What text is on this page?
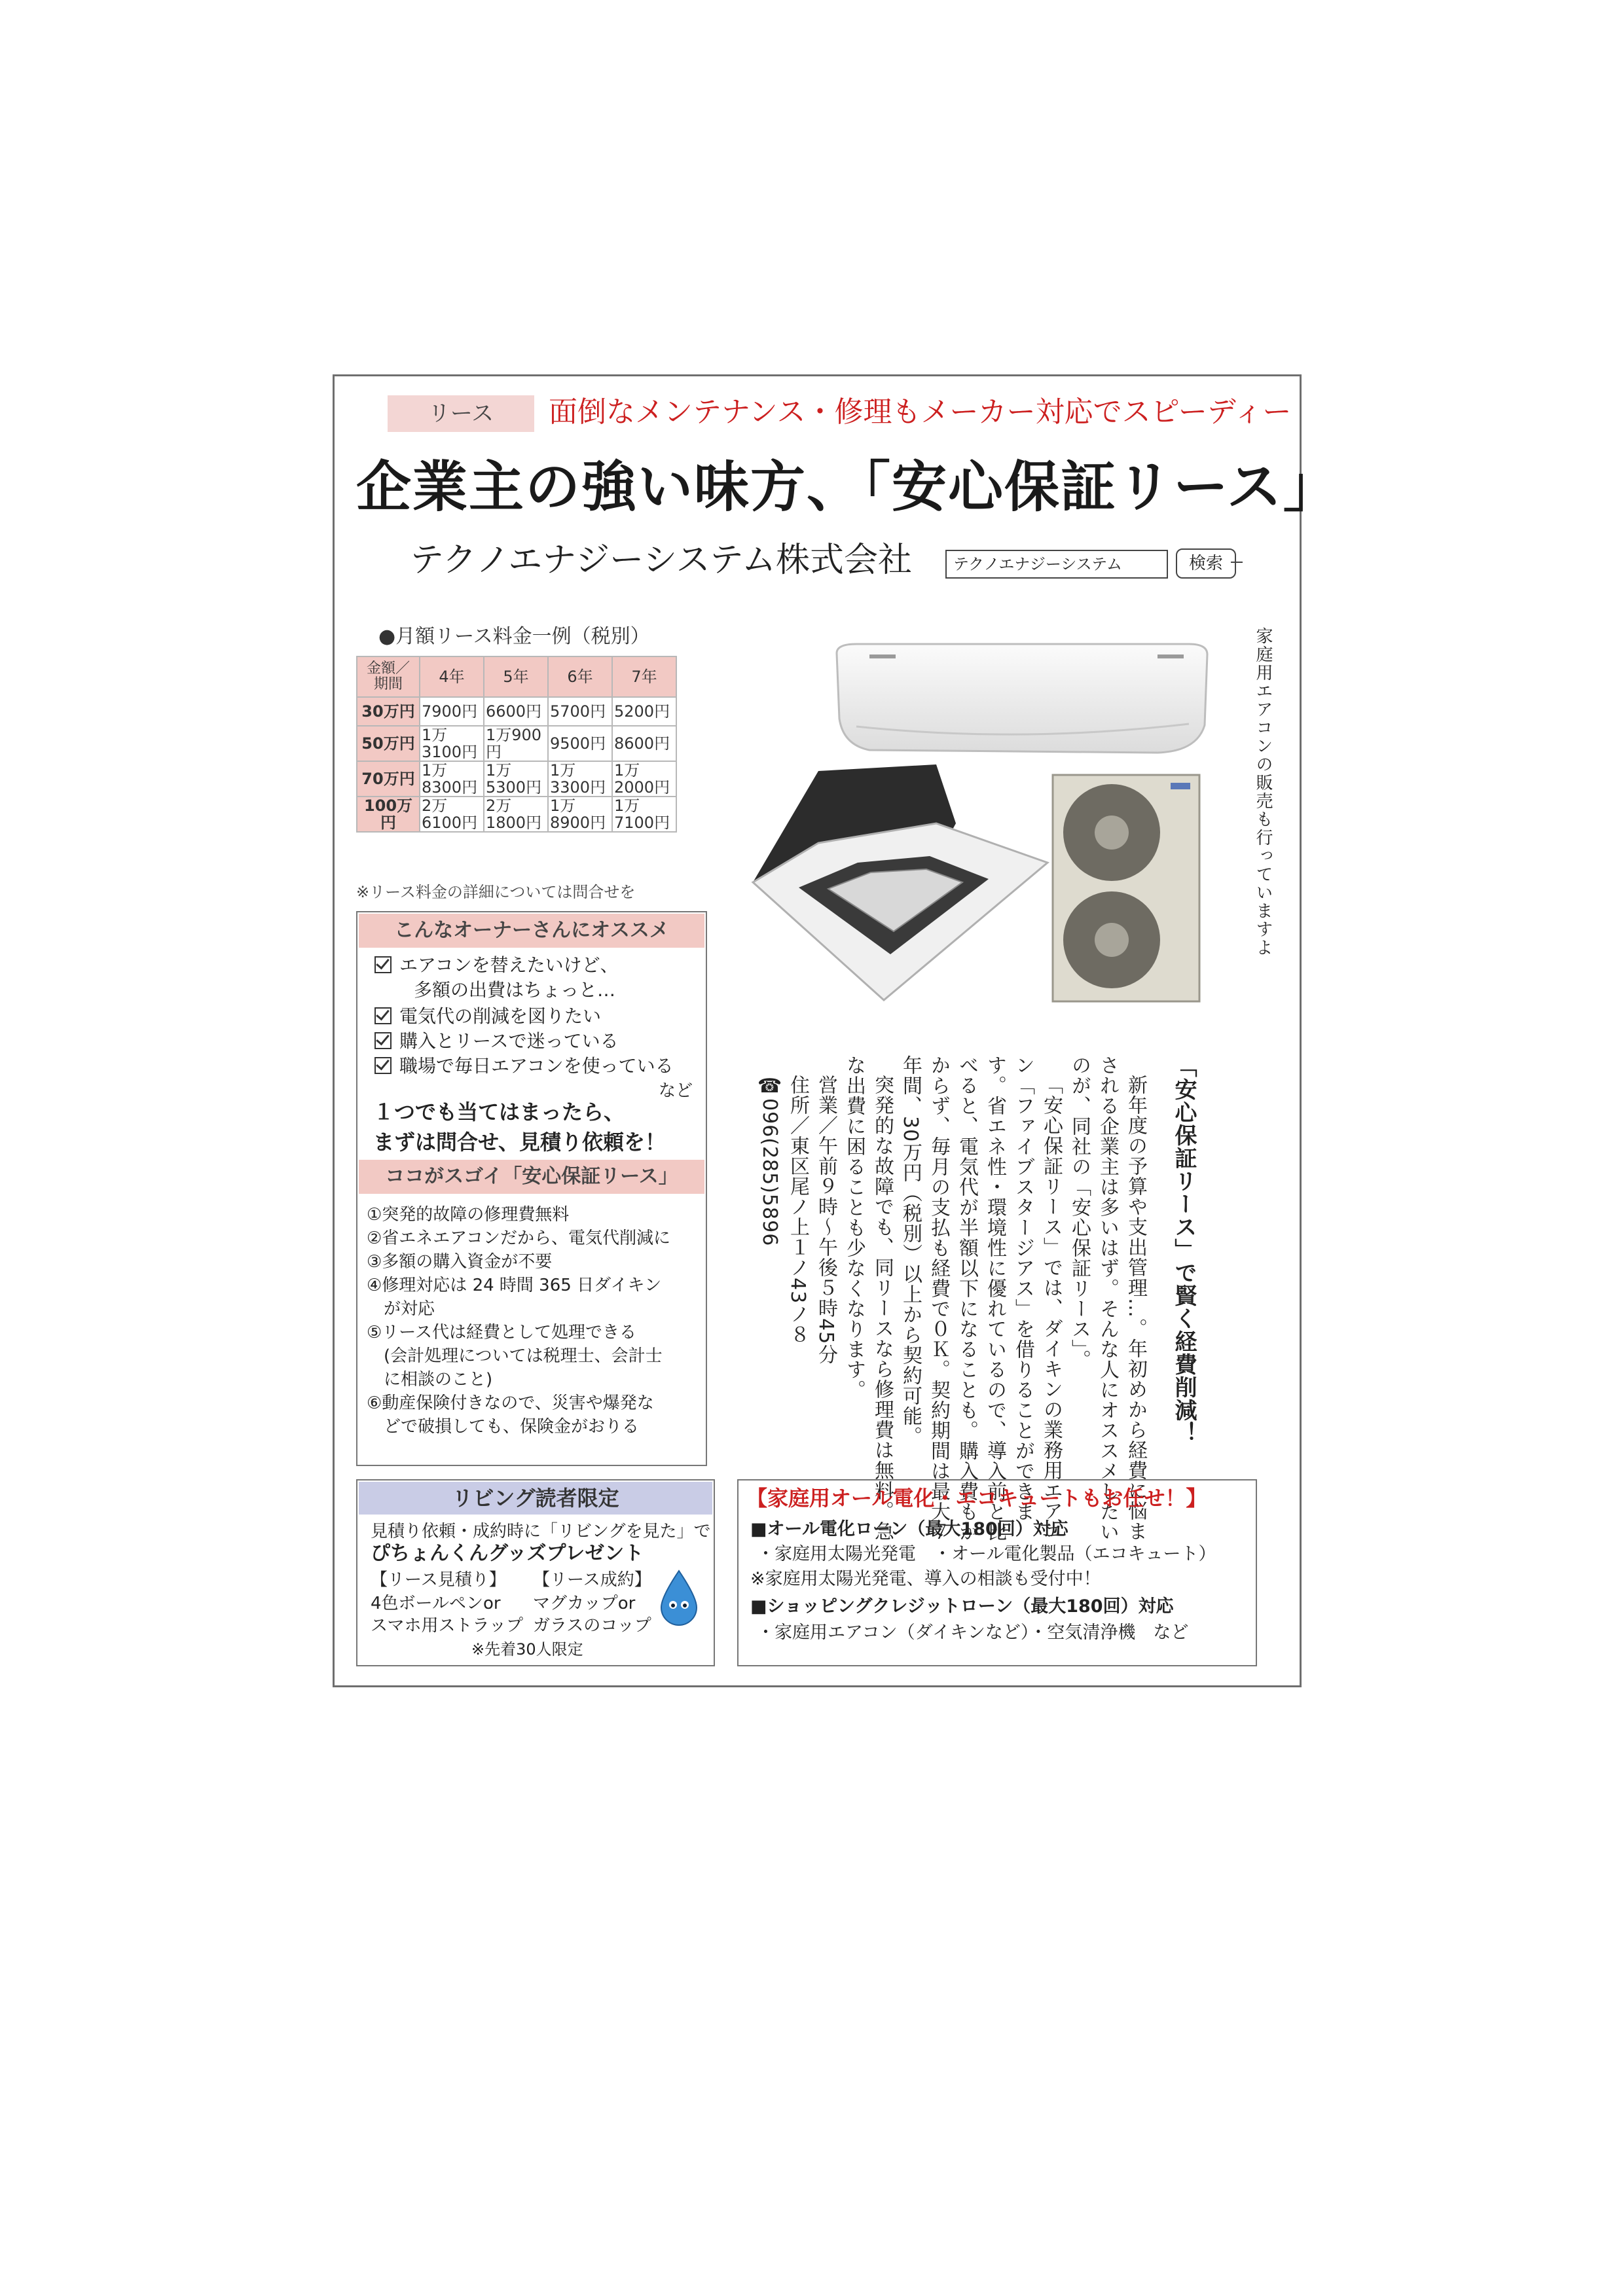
リース	面倒なメンテナンス・修理もメーカー対応でスピーディー
企業主の強い味方、「安心保証リース」
テクノエナジーシステム株式会社	テクノエナジーシステム	検索
●月額リース料金一例（税別）
金額／
期間	4年	5年	6年	7年
30万円	7900円	6600円	5700円	5200円
50万円	1万3100円	1万900円	9500円	8600円
70万円	1万8300円	1万5300円	1万3300円	1万2000円
100万円	2万6100円	2万1800円	1万8900円	1万7100円
※リース料金の詳細については問合せを
こんなオーナーさんにオススメ
エアコンを替えたいけど、
多額の出費はちょっと…
電気代の削減を図りたい
購入とリースで迷っている
職場で毎日エアコンを使っている
など
１つでも当てはまったら、
まずは問合せ、見積り依頼を！
ココがスゴイ「安心保証リース」
①突発的故障の修理費無料
②省エネエアコンだから、電気代削減に
③多額の購入資金が不要
④修理対応は 24 時間 365 日ダイキン
　が対応
⑤リース代は経費として処理できる
　(会計処理については税理士、会計士
　に相談のこと)
⑥動産保険付きなので、災害や爆発な
　どで破損しても、保険金がおりる
家庭用エアコンの販売も行っていますよ
「安心保証リース」で賢く経費削減！

新年度の予算や支出管理…。年初めから経費に悩まされる企業主は多いはず。そんな人にオススメしたいのが、同社の「安心保証リース」。

「安心保証リース」では、ダイキンの業務用エアコン「ファイブスタージアス」を借りることができます。省エネ性・環境性に優れているので、導入前と比べると、電気代が半額以下になることも。購入費もかからず、毎月の支払も経費で０Ｋ。契約期間は最大７年間、30万円（税別）以上から契約可能。

突発的な故障でも、同リースなら修理費は無料。急な出費に困ることも少なくなります。

営業／午前９時〜午後５時45分

住所／東区尾ノ上１ノ43ノ８

☎096(285)5896

リビング読者限定
見積り依頼・成約時に「リビングを見た」で
ぴちょんくんグッズプレゼント
【リース見積り】 【リース成約】
4色ボールペンor マグカップor
スマホ用ストラップ ガラスのコップ
※先着30人限定
【家庭用オール電化・エコキュートもお任せ！】
■オール電化ローン（最大180回）対応
・家庭用太陽光発電　・オール電化製品（エコキュート）
※家庭用太陽光発電、導入の相談も受付中！
■ショッピングクレジットローン（最大180回）対応
・家庭用エアコン（ダイキンなど）・空気清浄機　など
